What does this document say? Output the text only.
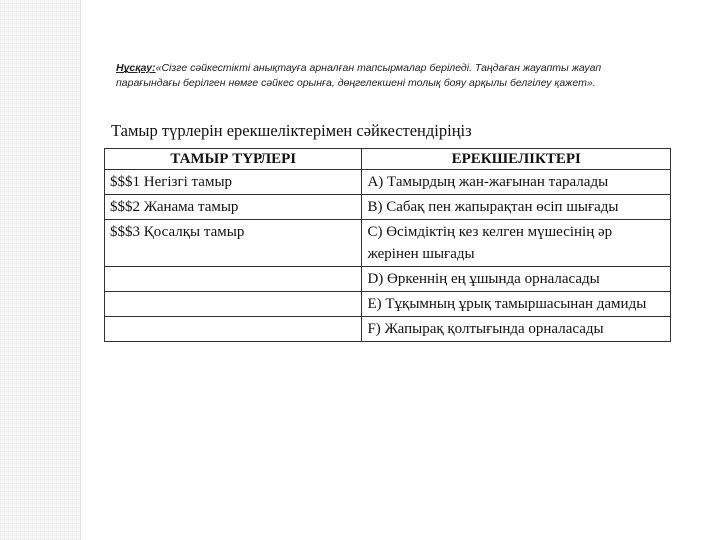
Нұсқау:«Сізге сәйкестікті анықтауға арналған тапсырмалар беріледі. Таңдаған жауапты жауап парағындағы берілген нөмге сәйкес орынға, дөңгелекшені толық бояу арқылы белгілеу қажет».
Тамыр түрлерін ерекшеліктерімен сәйкестендіріңіз
ТАМЫР ТҮРЛЕРІ	ЕРЕКШЕЛІКТЕРІ
$$$1 Негізгі тамыр	A) Тамырдың жан-жағынан таралады
$$$2 Жанама тамыр	B) Сабақ пен жапырақтан өсіп шығады
$$$3 Қосалқы тамыр	C) Өсімдіктің кез келген мүшесінің әр жерінен шығады
	D) Өркеннің ең ұшында орналасады
	E) Тұқымның ұрық тамыршасынан дамиды
	F) Жапырақ қолтығында орналасады
